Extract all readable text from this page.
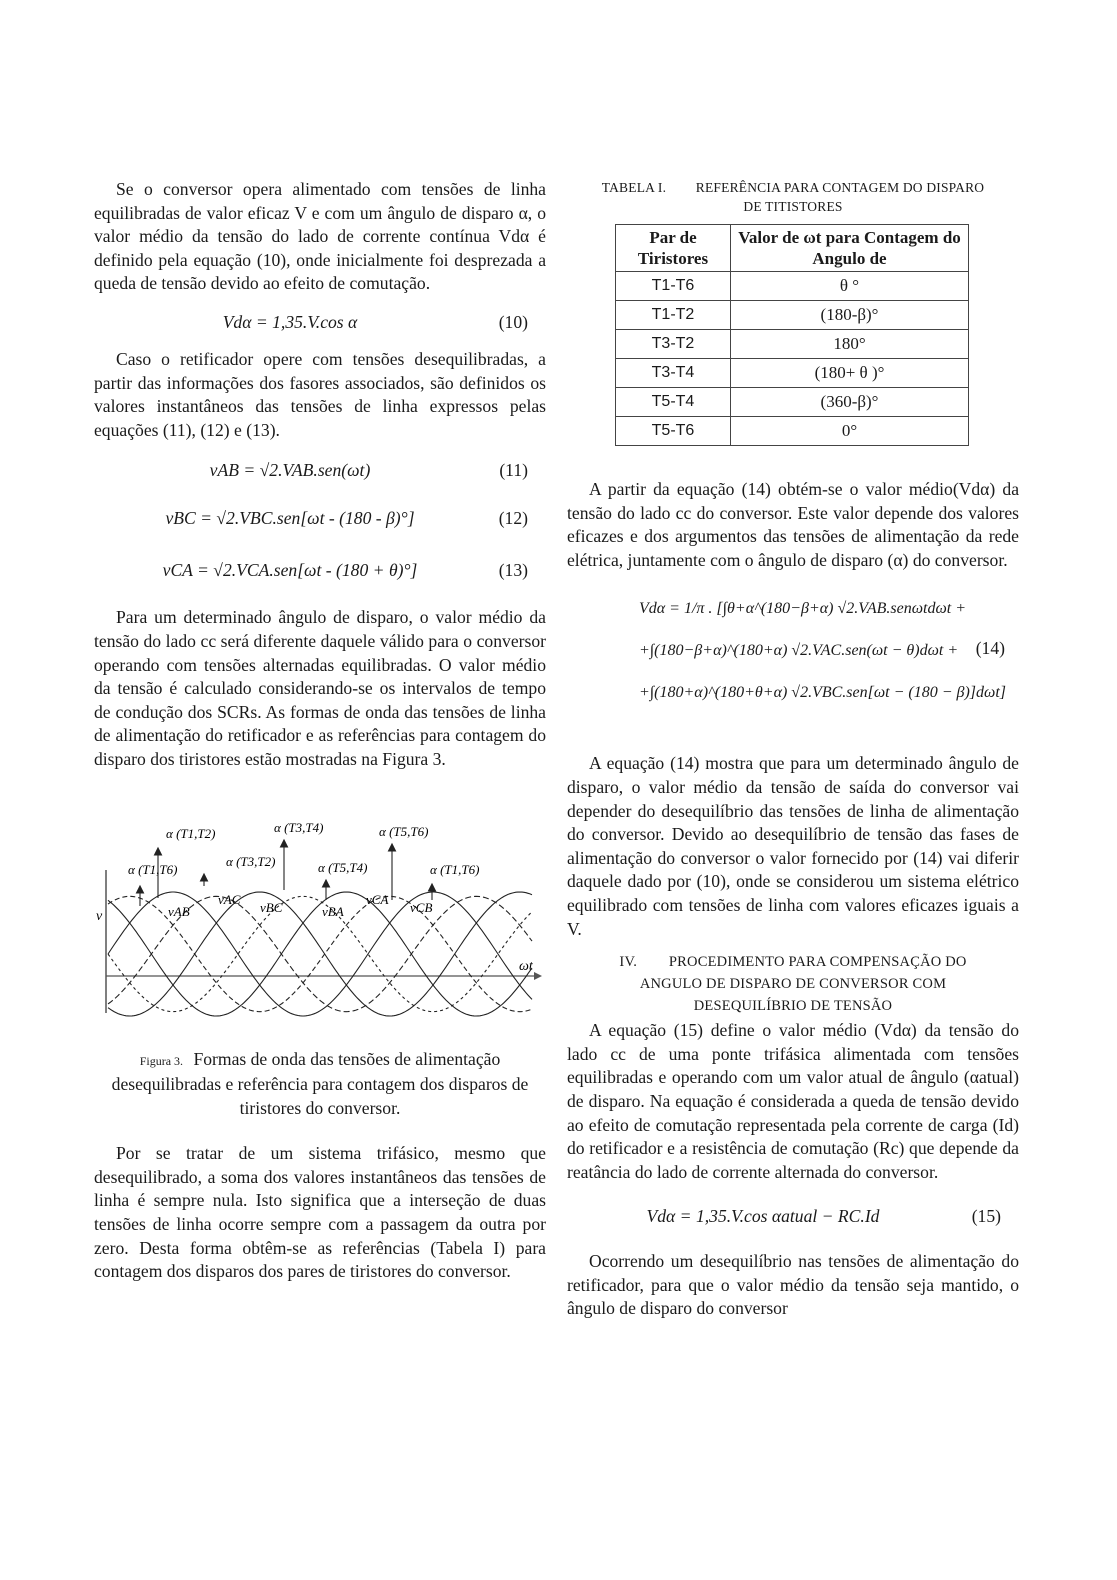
Se o conversor opera alimentado com tensões de linha equilibradas de valor eficaz V e com um ângulo de disparo α, o valor médio da tensão do lado de corrente contínua Vdα é definido pela equação (10), onde inicialmente foi desprezada a queda de tensão devido ao efeito de comutação.

Vdα = 1,35.V.cos α	(10)

Caso o retificador opere com tensões desequilibradas, a partir das informações dos fasores associados, são definidos os valores instantâneos das tensões de linha expressos pelas equações (11), (12) e (13).

vAB = √2.VAB.sen(ωt)	(11)
vBC = √2.VBC.sen[ωt - (180 - β)°]	(12)
vCA = √2.VCA.sen[ωt - (180 + θ)°]	(13)

Para um determinado ângulo de disparo, o valor médio da tensão do lado cc será diferente daquele válido para o conversor operando com tensões alternadas equilibradas. O valor médio da tensão é calculado considerando-se os intervalos de tempo de condução dos SCRs. As formas de onda das tensões de linha de alimentação do retificador e as referências para contagem do disparo dos tiristores estão mostradas na Figura 3.

v
ωt
α (T1,T2)	α (T3,T4)	α (T5,T6)
α (T3,T2)
α (T1,T6)	α (T5,T4)	α (T1,T6)
vAB
vAC
vBC	vBA
vCA
vCB
Figura 3. Formas de onda das tensões de alimentação desequilibradas e referência para contagem dos disparos de tiristores do conversor.

Por se tratar de um sistema trifásico, mesmo que desequilibrado, a soma dos valores instantâneos das tensões de linha é sempre nula. Isto significa que a interseção de duas tensões de linha ocorre sempre com a passagem da outra por zero. Desta forma obtêm-se as referências (Tabela I) para contagem dos disparos dos pares de tiristores do conversor.

TABELA I. REFERÊNCIA PARA CONTAGEM DO DISPARO
DE TITISTORES
Par de Tiristores	Valor de ωt para Contagem do Angulo de
T1-T6	θ °
T1-T2	(180-β)°
T3-T2	180°
T3-T4	(180+ θ )°
T5-T4	(360-β)°
T5-T6	0°

A partir da equação (14) obtém-se o valor médio(Vdα) da tensão do lado cc do conversor. Este valor depende dos valores eficazes e dos argumentos das tensões de alimentação da rede elétrica, juntamente com o ângulo de disparo (α) do conversor.

Vdα = 1/π . [∫θ+α^(180−β+α) √2.VAB.senωtdωt +
+∫(180−β+α)^(180+α) √2.VAC.sen(ωt − θ)dωt +
+∫(180+α)^(180+θ+α) √2.VBC.sen[ωt − (180 − β)]dωt]
(14)

A equação (14) mostra que para um determinado ângulo de disparo, o valor médio da tensão de saída do conversor vai depender do desequilíbrio das tensões de linha de alimentação do conversor. Devido ao desequilíbrio de tensão das fases de alimentação do conversor o valor fornecido por (14) vai diferir daquele dado por (10), onde se considerou um sistema elétrico equilibrado com tensões de linha com valores eficazes iguais a V.

IV. PROCEDIMENTO PARA COMPENSAÇÃO DO
ANGULO DE DISPARO DE CONVERSOR COM
DESEQUILÍBRIO DE TENSÃO

A equação (15) define o valor médio (Vdα) da tensão do lado cc de uma ponte trifásica alimentada com tensões equilibradas e operando com um valor atual de ângulo (αatual) de disparo. Na equação é considerada a queda de tensão devido ao efeito de comutação representada pela corrente de carga (Id) do retificador e a resistência de comutação (Rc) que depende da reatância do lado de corrente alternada do conversor.

Vdα = 1,35.V.cos αatual − RC.Id	(15)

Ocorrendo um desequilíbrio nas tensões de alimentação do retificador, para que o valor médio da tensão seja mantido, o ângulo de disparo do conversor
